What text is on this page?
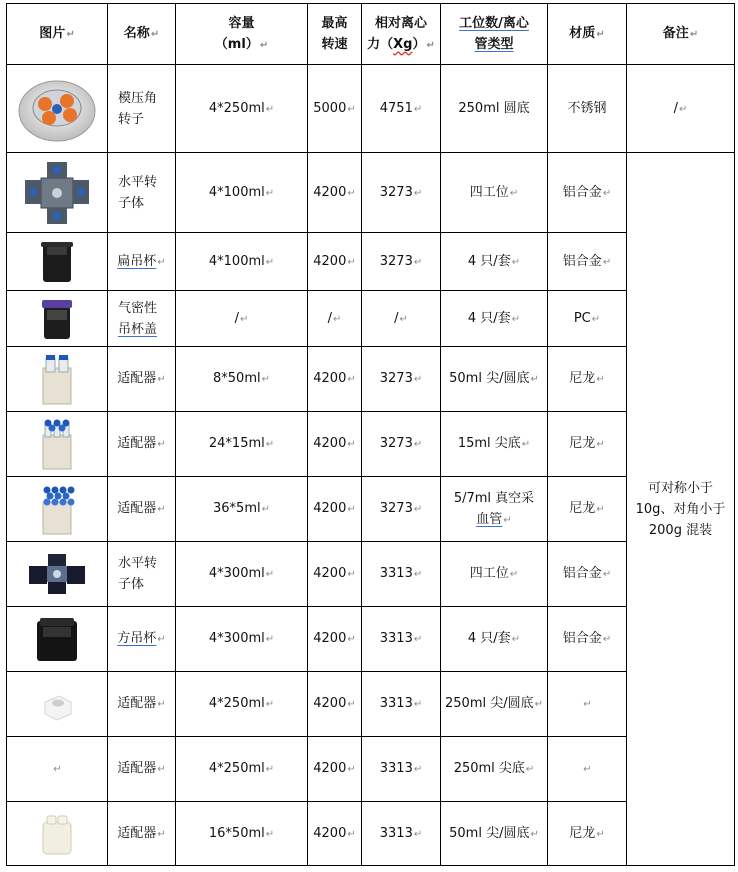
图片↵	名称↵	容量
（ml）↵	最高
转速	相对离心
力（Xg）↵	工位数/离心
管类型	材质↵	备注↵

	模压角
转子	4*250ml↵	5000↵	4751↵	250ml 圆底	不锈钢	/↵

	水平转
子体	4*100ml↵	4200↵	3273↵	四工位↵	铝合金↵	可对称小于
10g、对角小于
200g 混装

	扁吊杯↵	4*100ml↵	4200↵	3273↵	4 只/套↵	铝合金↵	

	气密性
吊杯盖	/↵	/↵	/↵	4 只/套↵	PC↵	

	适配器↵	8*50ml↵	4200↵	3273↵	50ml 尖/圆底↵	尼龙↵	

	适配器↵	24*15ml↵	4200↵	3273↵	15ml 尖底↵	尼龙↵	

	适配器↵	36*5ml↵	4200↵	3273↵	5/7ml 真空采
血管↵	尼龙↵	

	水平转
子体	4*300ml↵	4200↵	3313↵	四工位↵	铝合金↵	

	方吊杯↵	4*300ml↵	4200↵	3313↵	4 只/套↵	铝合金↵	

	适配器↵	4*250ml↵	4200↵	3313↵	250ml 尖/圆底↵	↵	
↵	适配器↵	4*250ml↵	4200↵	3313↵	250ml 尖底↵	↵	

	适配器↵	16*50ml↵	4200↵	3313↵	50ml 尖/圆底↵	尼龙↵	
